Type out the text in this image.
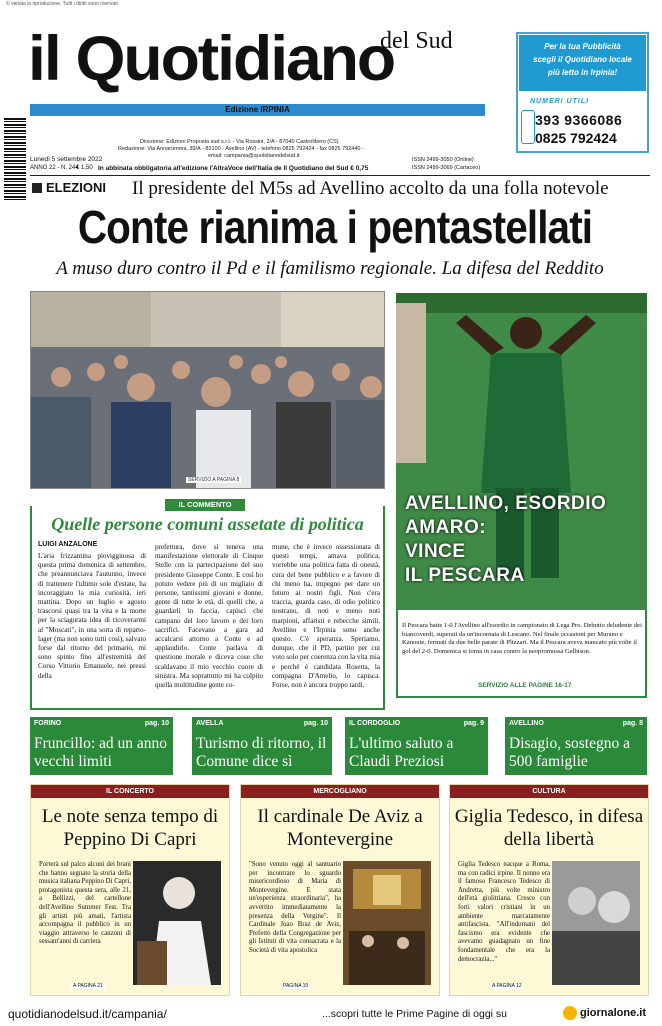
© vietata la riproduzione. Tutti i diritti sono riservati
il Quotidiano
del Sud
Edizione IRPINIA
Per la tua Pubblicità
scegli il Quotidiano locale
più letto in Irpinia!
NUMERI UTILI
393 9366086
0825 792424
Direzione: Edizioni Proposta sud s.r.l. - Via Rossini, 2/A - 87040 Castrolibero (CS)
Redazione: Via Annarumma, 39/A - 83100 - Avellino (AV) - telefono 0825 792424 - fax 0825 792440 -
email: campania@quotidianodelsud.it
ISSN 2499-3050 (Online)
ISSN 2499-3069 (Cartaceo)
Lunedì 5 settembre 2022
ANNO 22 - N. 244
€ 1,50 In abbinata obbligatoria all'edizione l'AltraVoce dell'Italia de Il Quotidiano del Sud € 0,75
ELEZIONI	Il presidente del M5s ad Avellino accolto da una folla notevole
Conte rianima i pentastellati
A muso duro contro il Pd e il familismo regionale. La difesa del Reddito
SERVIZIO A PAGINA 8
AVELLINO, ESORDIO
AMARO:
VINCE
IL PESCARA
Il Pescara batte 1-0 l'Avellino all'esordio in campionato di Lega Pro. Debutto deludente dei biancoverdi, superati da un'incornata di Lescano. Nel finale occasioni per Murano e Kanoute, fermati da due belle parate di Plizzari. Ma il Pescara aveva mancato più volte il gol del 2-0. Domenica si torna in casa contro la neopromossa Gelbison.
SERVIZIO ALLE PAGINE 16-17
IL COMMENTO
Quelle persone comuni assetate di politica
LUIGI ANZALONE
L'aria frizzantina piovigginosa di questa prima domenica di settembre, che preannunciava l'autunno, invece di trattenere l'ultimo sole d'estate, ha incoraggiato la mia curiosità, ieri mattina. Dopo un luglio e agosto trascorsi quasi tra la vita e la morte per la sciagurata idea di ricoverarmi al "Moscati", in una sorta di reparto-lager (ma non sono tutti così), salvato forse dal ritorno del primario, mi sono spinto fino all'estremità del Corso Vittorio Emanuele, nei pressi della
prefettura, dove si teneva una manifestazione elettorale di Cinque Stelle con la partecipazione del suo presidente Giuseppe Conte. E così ho potuto vedere più di un migliaio di persone, tantissimi giovani e donne, gente di tutte le età, di quelli che, a guardarli in faccia, capisci che campano del loro lavoro e dei loro sacrifici. Facevano a gara ad accalcarsi attorno a Conte e ad applaudirlo. Conte parlava di questione morale e diceva cose che scaldavano il mio vecchio cuore di sinistra. Ma soprattutto mi ha colpito quella moltitudine gente co-
mune, che è invece ossessionata di questi tempi, amava politica, vorrebbe una politica fatta di onestà, cura del bene pubblico e a favore di chi meno ha, impegno per dare un futuro ai nostri figli. Non c'era traccia, guarda caso, di odio politico nostrano, di noti e meno noti marpioni, affaristi e rebecche simili. Avellino e l'Irpinia sono anche questo. C'è speranza. Speriamo, dunque, che il PD, partito per cui voto solo per coerenza con la vita mia e perché è candidata Rosetta, la compagna D'Amelio, lo capisca. Forse, non è ancora troppo tardi.
FORINO	pag. 10
Fruncillo: ad un anno vecchi limiti
AVELLA	pag. 10
Turismo di ritorno, il Comune dice sì
IL CORDOGLIO	pag. 9
L'ultimo saluto a Claudi Preziosi
AVELLINO	pag. 8
Disagio, sostegno a 500 famiglie
IL CONCERTO
Le note senza tempo di Peppino Di Capri
Porterà sul palco alcuni dei brani che hanno segnato la storia della musica italiana Peppino Di Capri, protagonista questa sera, alle 21, a Bellizzi, del cartellone dell'Avellino Summer Fest. Tra gli artisti più amati, l'artista accompagna il pubblico in un viaggio attraverso le canzoni di sessant'anni di carriera
A PAGINA 21
MERCOGLIANO
Il cardinale De Aviz a Montevergine
"Sono venuto oggi al santuario per incontrare lo sguardo misericordioso di Maria di Montevergine. E stata un'esperienza straordinaria", ha avvertito immediatamente la presenza della Vergine". Il Cardinale Joao Braz de Aviz, Prefetto della Congregazione per gli Istituti di vita consacrata e la Società di vita apostolica
PAGINA 10
CULTURA
Giglia Tedesco, in difesa della libertà
Giglia Tedesco nacque a Roma, ma con radici irpine. Il nonno era il famoso Francesco Tedesco di Andretta, più volte ministro dell'età giolittiana. Cresce con forti valori cristiani in un ambiente marcatamente antifascista. "All'indomani del fascismo era evidente che avevamo guadagnato un fine fondamentale che era la democrazia..."
A PAGINA 12
quotidianodelsud.it/campania/	...scopri tutte le Prime Pagine di oggi su	giornalone.it
